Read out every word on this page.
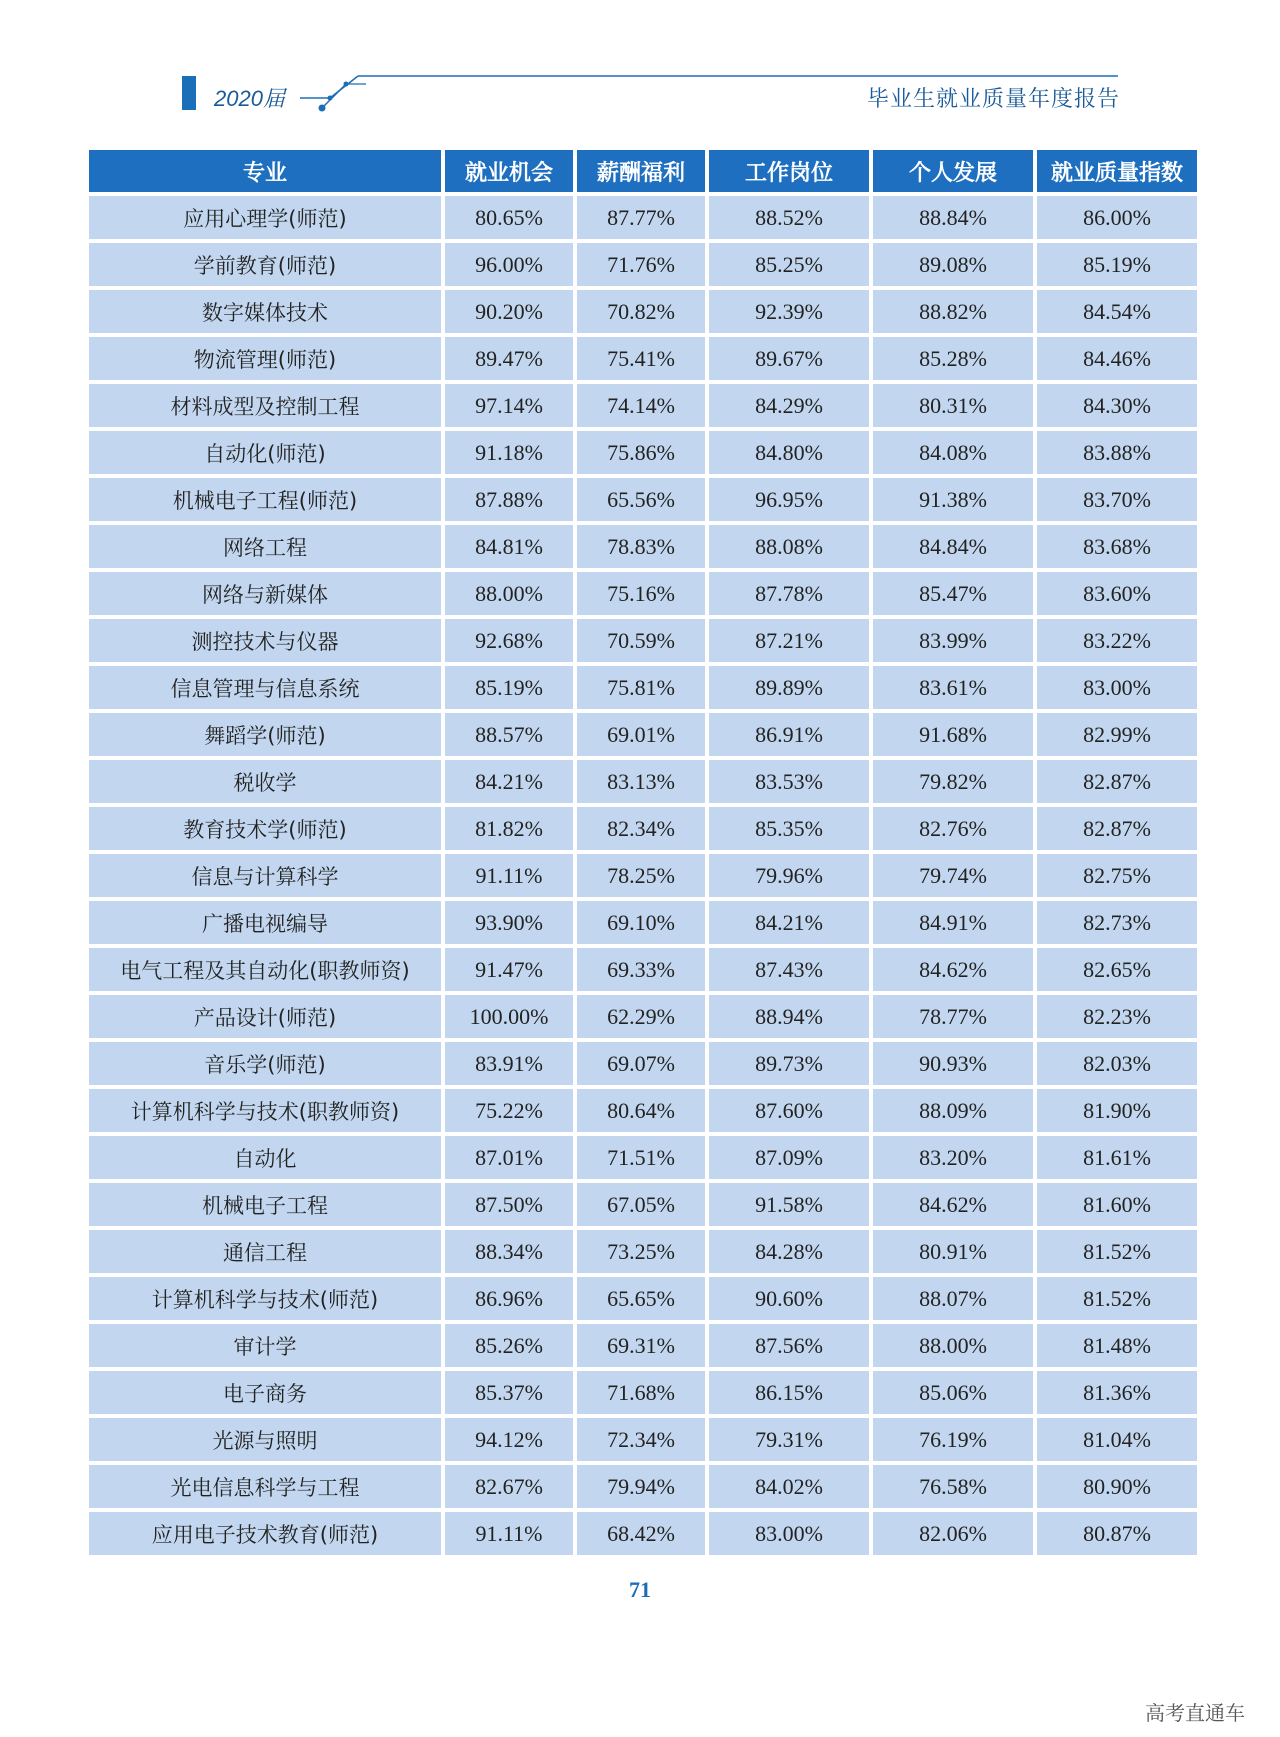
2020届	毕业生就业质量年度报告
专业	就业机会	薪酬福利	工作岗位	个人发展	就业质量指数
应用心理学(师范)	80.65%	87.77%	88.52%	88.84%	86.00%
学前教育(师范)	96.00%	71.76%	85.25%	89.08%	85.19%
数字媒体技术	90.20%	70.82%	92.39%	88.82%	84.54%
物流管理(师范)	89.47%	75.41%	89.67%	85.28%	84.46%
材料成型及控制工程	97.14%	74.14%	84.29%	80.31%	84.30%
自动化(师范)	91.18%	75.86%	84.80%	84.08%	83.88%
机械电子工程(师范)	87.88%	65.56%	96.95%	91.38%	83.70%
网络工程	84.81%	78.83%	88.08%	84.84%	83.68%
网络与新媒体	88.00%	75.16%	87.78%	85.47%	83.60%
测控技术与仪器	92.68%	70.59%	87.21%	83.99%	83.22%
信息管理与信息系统	85.19%	75.81%	89.89%	83.61%	83.00%
舞蹈学(师范)	88.57%	69.01%	86.91%	91.68%	82.99%
税收学	84.21%	83.13%	83.53%	79.82%	82.87%
教育技术学(师范)	81.82%	82.34%	85.35%	82.76%	82.87%
信息与计算科学	91.11%	78.25%	79.96%	79.74%	82.75%
广播电视编导	93.90%	69.10%	84.21%	84.91%	82.73%
电气工程及其自动化(职教师资)	91.47%	69.33%	87.43%	84.62%	82.65%
产品设计(师范)	100.00%	62.29%	88.94%	78.77%	82.23%
音乐学(师范)	83.91%	69.07%	89.73%	90.93%	82.03%
计算机科学与技术(职教师资)	75.22%	80.64%	87.60%	88.09%	81.90%
自动化	87.01%	71.51%	87.09%	83.20%	81.61%
机械电子工程	87.50%	67.05%	91.58%	84.62%	81.60%
通信工程	88.34%	73.25%	84.28%	80.91%	81.52%
计算机科学与技术(师范)	86.96%	65.65%	90.60%	88.07%	81.52%
审计学	85.26%	69.31%	87.56%	88.00%	81.48%
电子商务	85.37%	71.68%	86.15%	85.06%	81.36%
光源与照明	94.12%	72.34%	79.31%	76.19%	81.04%
光电信息科学与工程	82.67%	79.94%	84.02%	76.58%	80.90%
应用电子技术教育(师范)	91.11%	68.42%	83.00%	82.06%	80.87%
71
高考直通车
